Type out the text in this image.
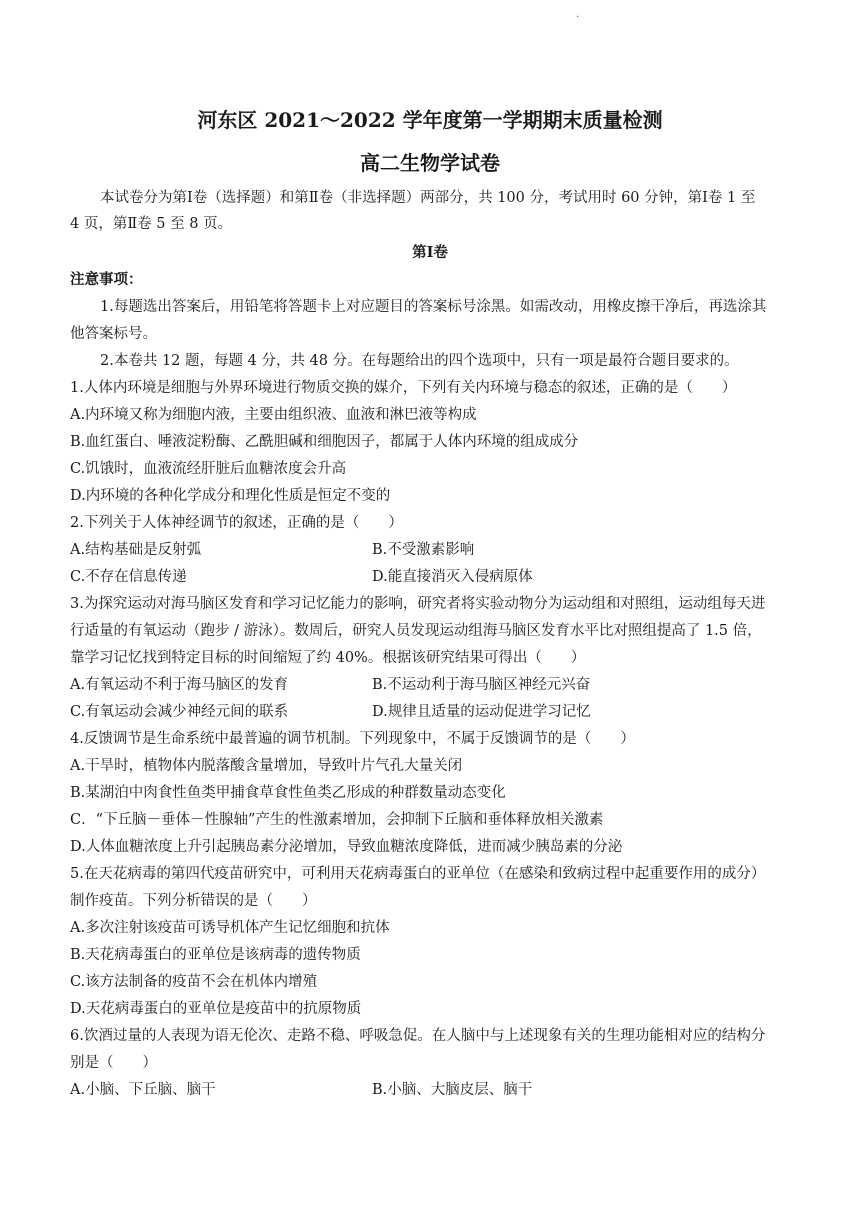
·
河东区 2021～2022 学年度第一学期期末质量检测
高二生物学试卷
本试卷分为第Ⅰ卷（选择题）和第Ⅱ卷（非选择题）两部分，共 100 分，考试用时 60 分钟，第Ⅰ卷 1 至
4 页，第Ⅱ卷 5 至 8 页。
第Ⅰ卷
注意事项：
1.每题选出答案后，用铅笔将答题卡上对应题目的答案标号涂黑。如需改动，用橡皮擦干净后，再选涂其
他答案标号。
2.本卷共 12 题，每题 4 分，共 48 分。在每题给出的四个选项中，只有一项是最符合题目要求的。
1.人体内环境是细胞与外界环境进行物质交换的媒介，下列有关内环境与稳态的叙述，正确的是（　　）
A.内环境又称为细胞内液，主要由组织液、血液和淋巴液等构成
B.血红蛋白、唾液淀粉酶、乙酰胆碱和细胞因子，都属于人体内环境的组成成分
C.饥饿时，血液流经肝脏后血糖浓度会升高
D.内环境的各种化学成分和理化性质是恒定不变的
2.下列关于人体神经调节的叙述，正确的是（　　）
A.结构基础是反射弧	B.不受激素影响
C.不存在信息传递	D.能直接消灭入侵病原体
3.为探究运动对海马脑区发育和学习记忆能力的影响，研究者将实验动物分为运动组和对照组，运动组每天进
行适量的有氧运动（跑步 / 游泳）。数周后，研究人员发现运动组海马脑区发育水平比对照组提高了 1.5 倍，
靠学习记忆找到特定目标的时间缩短了约 40%。根据该研究结果可得出（　　）
A.有氧运动不利于海马脑区的发育	B.不运动利于海马脑区神经元兴奋
C.有氧运动会减少神经元间的联系	D.规律且适量的运动促进学习记忆
4.反馈调节是生命系统中最普遍的调节机制。下列现象中，不属于反馈调节的是（　　）
A.干旱时，植物体内脱落酸含量增加，导致叶片气孔大量关闭
B.某湖泊中肉食性鱼类甲捕食草食性鱼类乙形成的种群数量动态变化
C．“下丘脑－垂体－性腺轴”产生的性激素增加，会抑制下丘脑和垂体释放相关激素
D.人体血糖浓度上升引起胰岛素分泌增加，导致血糖浓度降低，进而减少胰岛素的分泌
5.在天花病毒的第四代疫苗研究中，可利用天花病毒蛋白的亚单位（在感染和致病过程中起重要作用的成分）
制作疫苗。下列分析错误的是（　　）
A.多次注射该疫苗可诱导机体产生记忆细胞和抗体
B.天花病毒蛋白的亚单位是该病毒的遗传物质
C.该方法制备的疫苗不会在机体内增殖
D.天花病毒蛋白的亚单位是疫苗中的抗原物质
6.饮酒过量的人表现为语无伦次、走路不稳、呼吸急促。在人脑中与上述现象有关的生理功能相对应的结构分
别是（　　）
A.小脑、下丘脑、脑干	B.小脑、大脑皮层、脑干
